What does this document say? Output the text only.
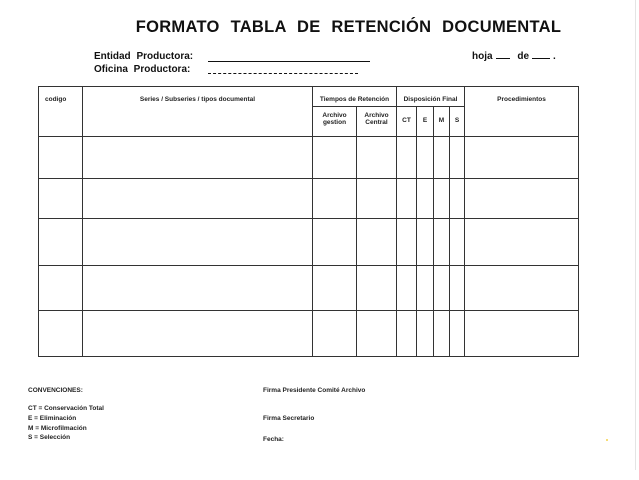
FORMATO TABLA DE RETENCIÓN DOCUMENTAL
Entidad Productora:
Oficina Productora:
hoja de .
codigo	Series / Subseries / tipos documental	Tiempos de Retención		Disposición Final				Procedimientos

		Archivo gestion	Archivo Central	CT	E	M	S	

CONVENCIONES:
CT = Conservación Total
E = Eliminación
M = Microfilmación
S = Selección
Firma Presidente Comité Archivo
Firma Secretario
Fecha:
